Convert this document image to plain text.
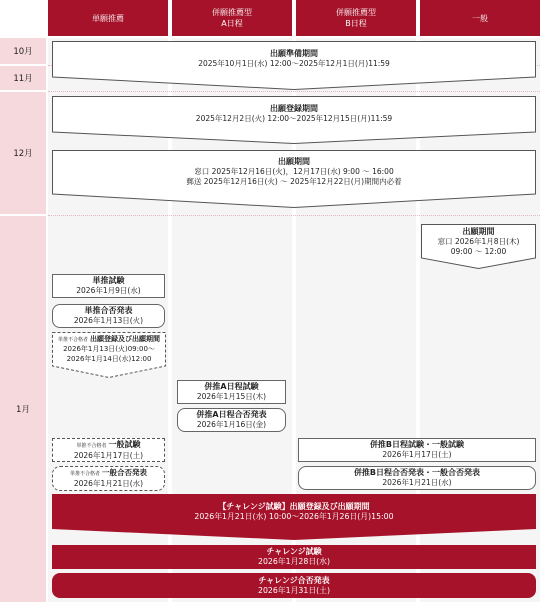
単願推薦
併願推薦型
A日程
併願推薦型
B日程
一般
10月
11月
12月
1月
出願準備期間
2025年10月1日(水) 12:00～2025年12月1日(月)11:59
出願登録期間
2025年12月2日(火) 12:00～2025年12月15日(月)11:59
出願期間
窓口 2025年12月16日(火)，12月17日(水) 9:00 ～ 16:00
郵送 2025年12月16日(火) ～ 2025年12月22日(月)期間内必着
出願期間
窓口 2026年1月8日(木)
09:00 ～ 12:00
単推試験
2026年1月9日(水)
単推合否発表
2026年1月13日(火)
単推不合格者 出願登録及び出願期間
2026年1月13日(火)09:00～
2026年1月14日(水)12:00
単推不合格者 一般試験
2026年1月17日(土)
単推不合格者 一般合否発表
2026年1月21日(水)
併推A日程試験
2026年1月15日(木)
併推A日程合否発表
2026年1月16日(金)
併推B日程試験・一般試験
2026年1月17日(土)
併推B日程合否発表・一般合否発表
2026年1月21日(水)
【チャレンジ試験】出願登録及び出願期間
2026年1月21日(水) 10:00～2026年1月26日(月)15:00
チャレンジ試験
2026年1月28日(水)
チャレンジ合否発表
2026年1月31日(土)
